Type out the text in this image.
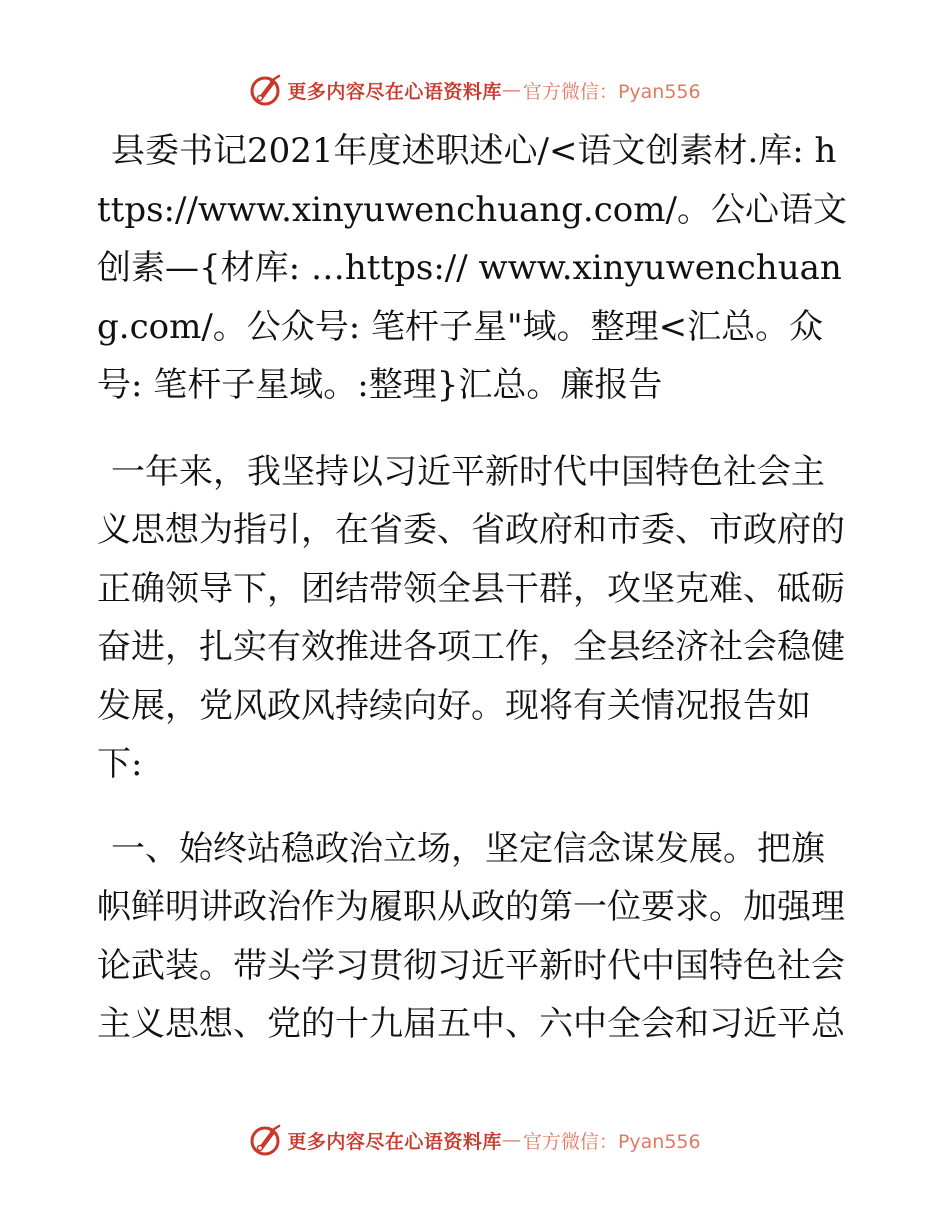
更多内容尽在心语资料库 — 官方微信：Pyan556

县委书记2021年度述职述心/<语文创素材.库: https://www.xinyuwenchuang.com/。公心语文创素—{材库: …https:// www.xinyuwenchuang.com/。公众号: 笔杆子星"域。整理<汇总。众号: 笔杆子星域。:整理}汇总。廉报告

一年来，我坚持以习近平新时代中国特色社会主义思想为指引，在省委、省政府和市委、市政府的正确领导下，团结带领全县干群，攻坚克难、砥砺奋进，扎实有效推进各项工作，全县经济社会稳健发展，党风政风持续向好。现将有关情况报告如下:

一、始终站稳政治立场，坚定信念谋发展。把旗帜鲜明讲政治作为履职从政的第一位要求。加强理论武装。带头学习贯彻习近平新时代中国特色社会主义思想、党的十九届五中、六中全会和习近平总

更多内容尽在心语资料库 — 官方微信：Pyan556
